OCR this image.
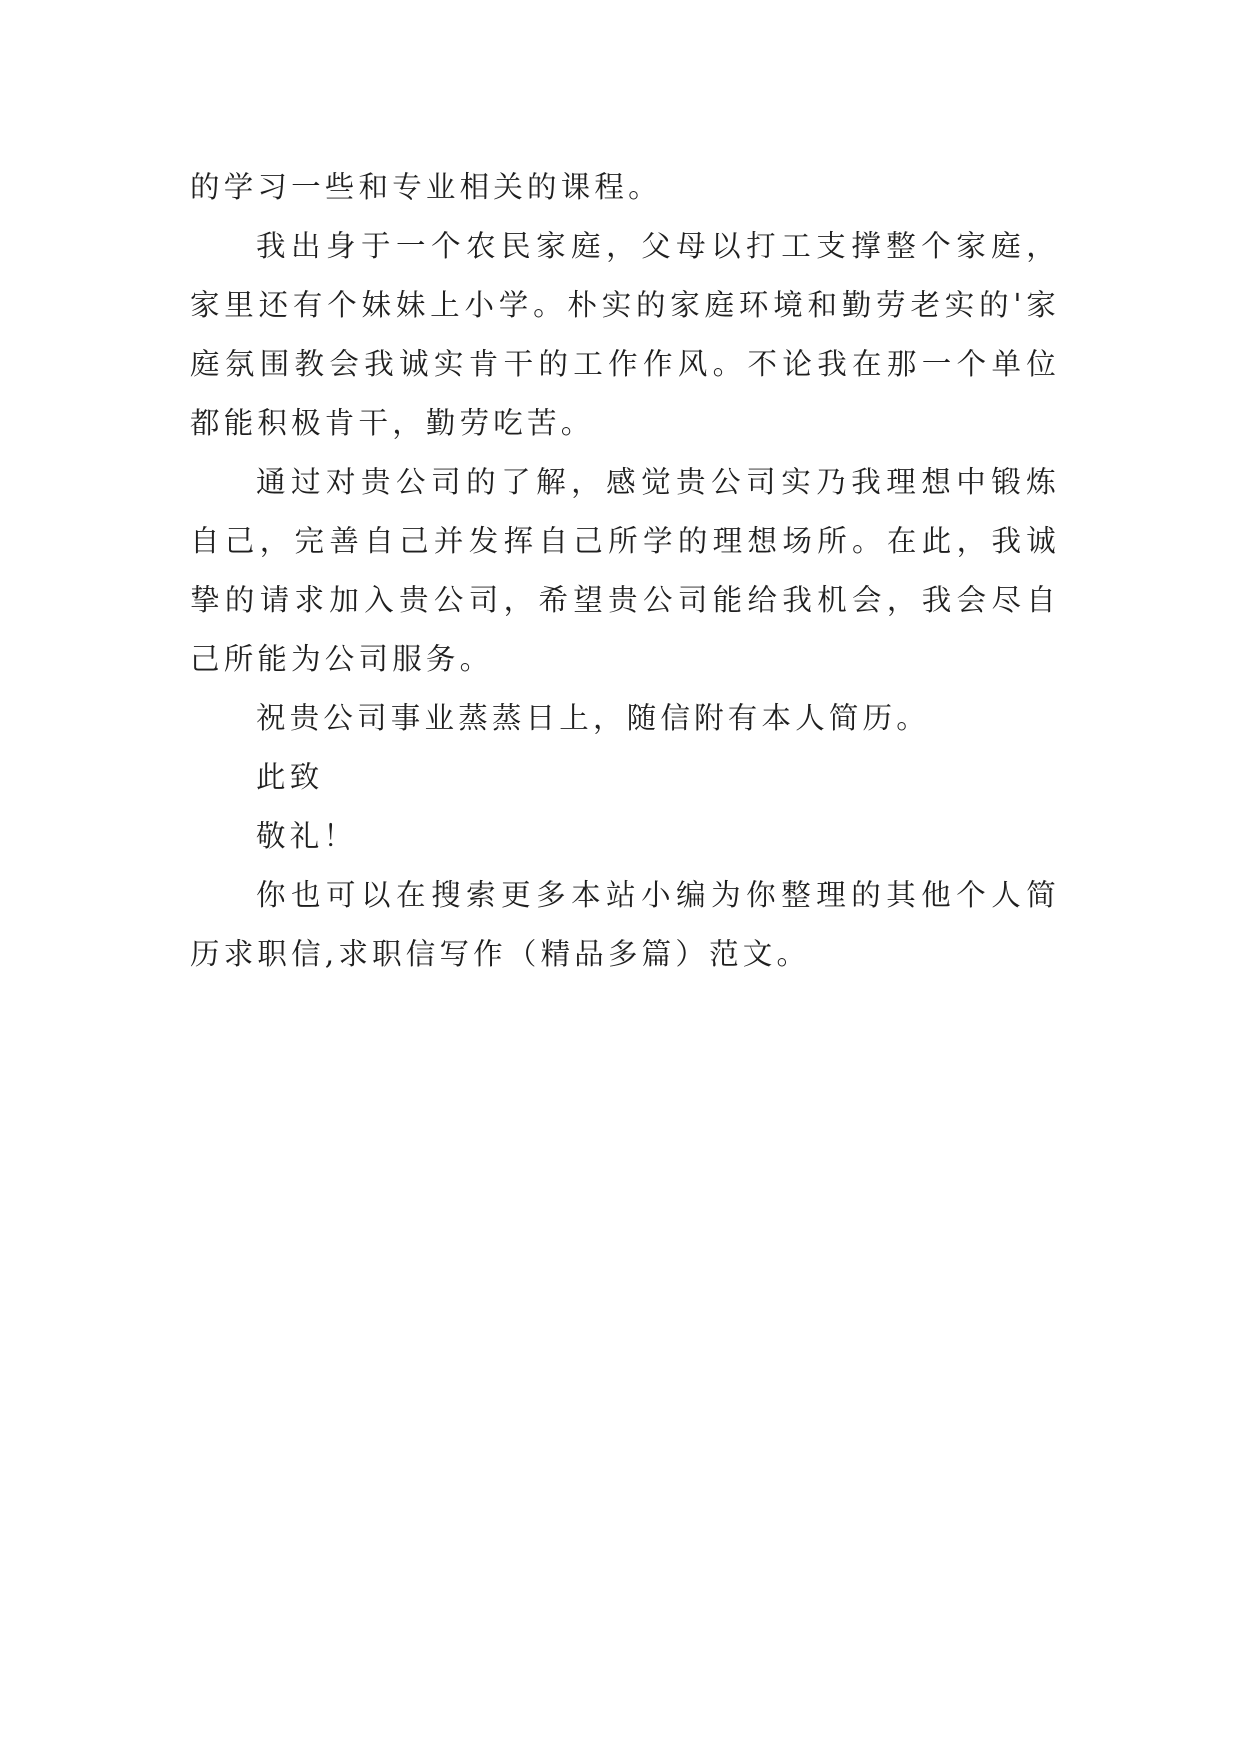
的学习一些和专业相关的课程。

我出身于一个农民家庭，父母以打工支撑整个家庭，家里还有个妹妹上小学。朴实的家庭环境和勤劳老实的'家庭氛围教会我诚实肯干的工作作风。不论我在那一个单位都能积极肯干，勤劳吃苦。

通过对贵公司的了解，感觉贵公司实乃我理想中锻炼自己，完善自己并发挥自己所学的理想场所。在此，我诚挚的请求加入贵公司，希望贵公司能给我机会，我会尽自己所能为公司服务。

祝贵公司事业蒸蒸日上，随信附有本人简历。

此致

敬礼！

你也可以在搜索更多本站小编为你整理的其他个人简历求职信,求职信写作（精品多篇）范文。
